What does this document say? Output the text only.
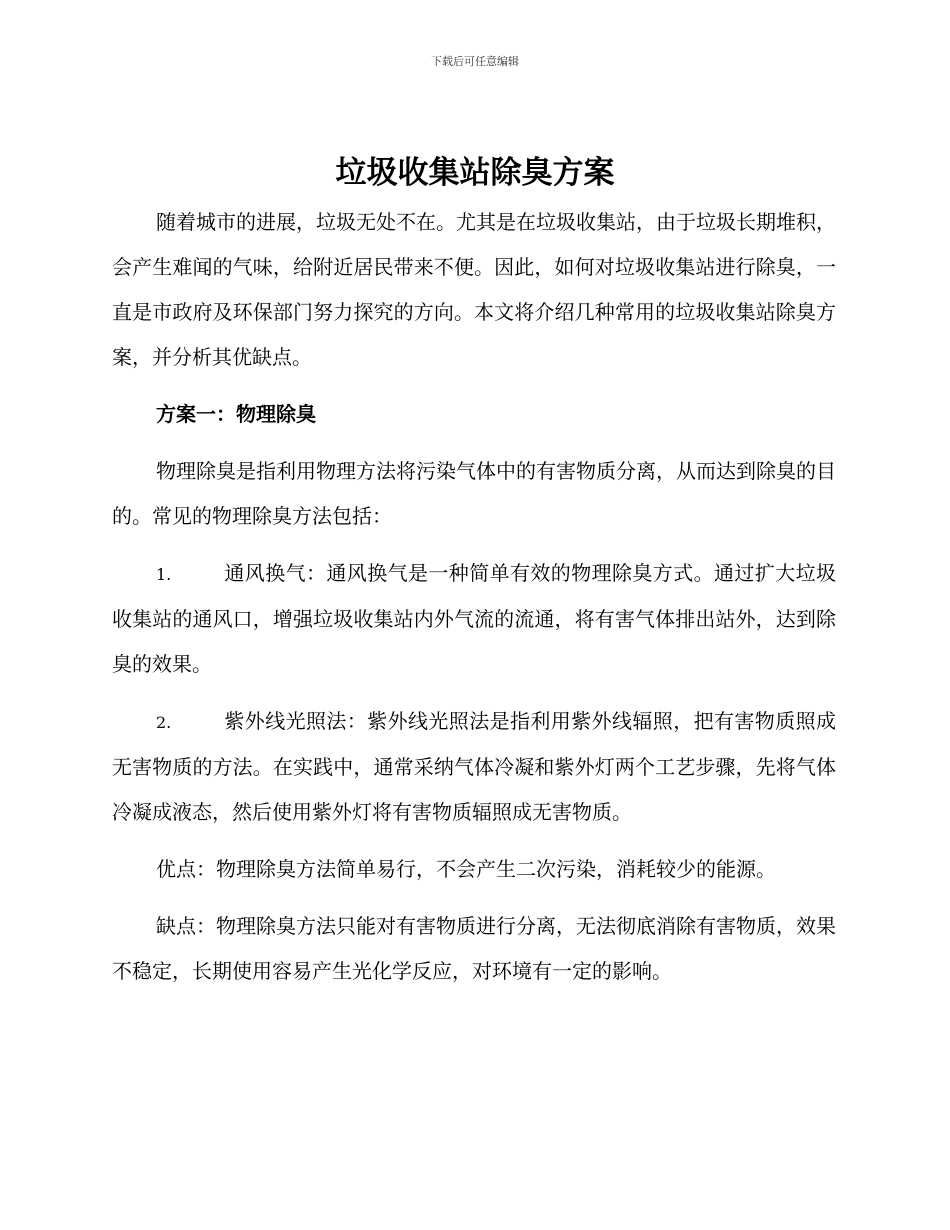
下载后可任意编辑
垃圾收集站除臭方案

随着城市的进展，垃圾无处不在。尤其是在垃圾收集站，由于垃圾长期堆积，会产生难闻的气味，给附近居民带来不便。因此，如何对垃圾收集站进行除臭，一直是市政府及环保部门努力探究的方向。本文将介绍几种常用的垃圾收集站除臭方案，并分析其优缺点。

方案一：物理除臭

物理除臭是指利用物理方法将污染气体中的有害物质分离，从而达到除臭的目的。常见的物理除臭方法包括：

1.	通风换气：通风换气是一种简单有效的物理除臭方式。通过扩大垃圾收集站的通风口，增强垃圾收集站内外气流的流通，将有害气体排出站外，达到除臭的效果。

2.	紫外线光照法：紫外线光照法是指利用紫外线辐照，把有害物质照成无害物质的方法。在实践中，通常采纳气体冷凝和紫外灯两个工艺步骤，先将气体冷凝成液态，然后使用紫外灯将有害物质辐照成无害物质。

优点：物理除臭方法简单易行，不会产生二次污染，消耗较少的能源。

缺点：物理除臭方法只能对有害物质进行分离，无法彻底消除有害物质，效果不稳定，长期使用容易产生光化学反应，对环境有一定的影响。
